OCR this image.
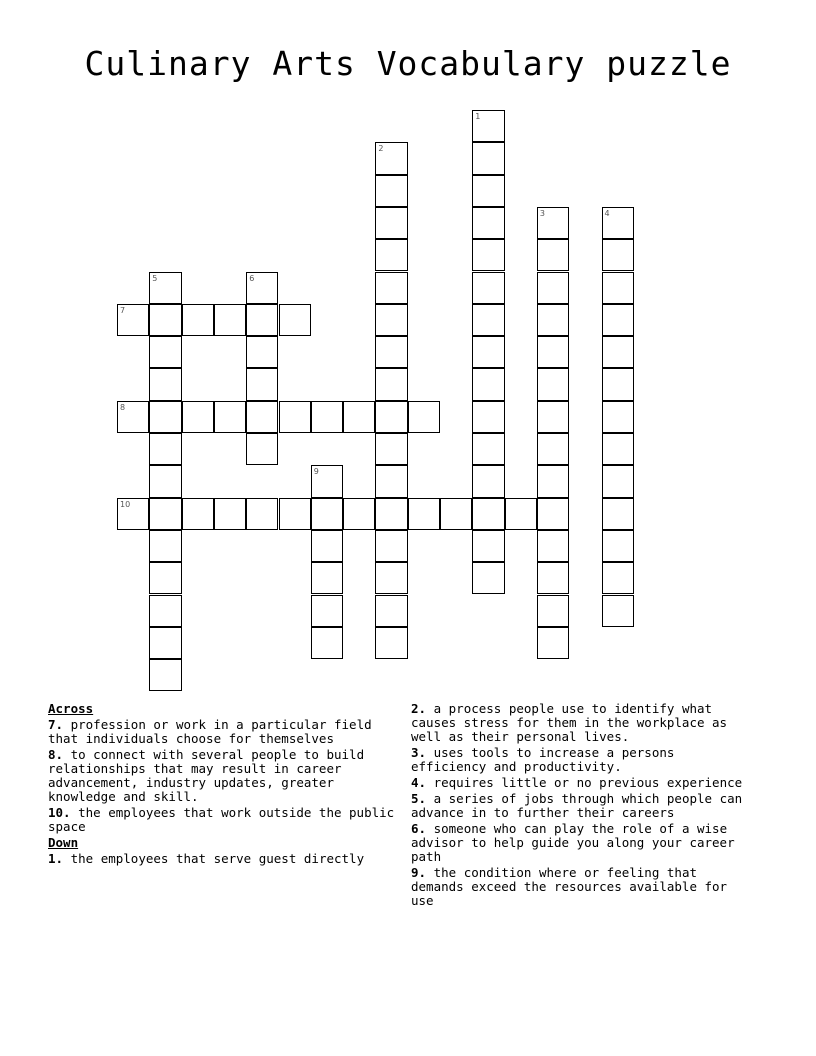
Culinary Arts Vocabulary puzzle
1
2
3	4
5	6
7
8
9
10
Across
7. profession or work in a particular field that individuals choose for themselves
8. to connect with several people to build relationships that may result in career advancement, industry updates, greater knowledge and skill.
10. the employees that work outside the public space
Down
1. the employees that serve guest directly
2. a process people use to identify what causes stress for them in the workplace as well as their personal lives.
3. uses tools to increase a persons efficiency and productivity.
4. requires little or no previous experience
5. a series of jobs through which people can advance in to further their careers
6. someone who can play the role of a wise advisor to help guide you along your career path
9. the condition where or feeling that demands exceed the resources available for use
